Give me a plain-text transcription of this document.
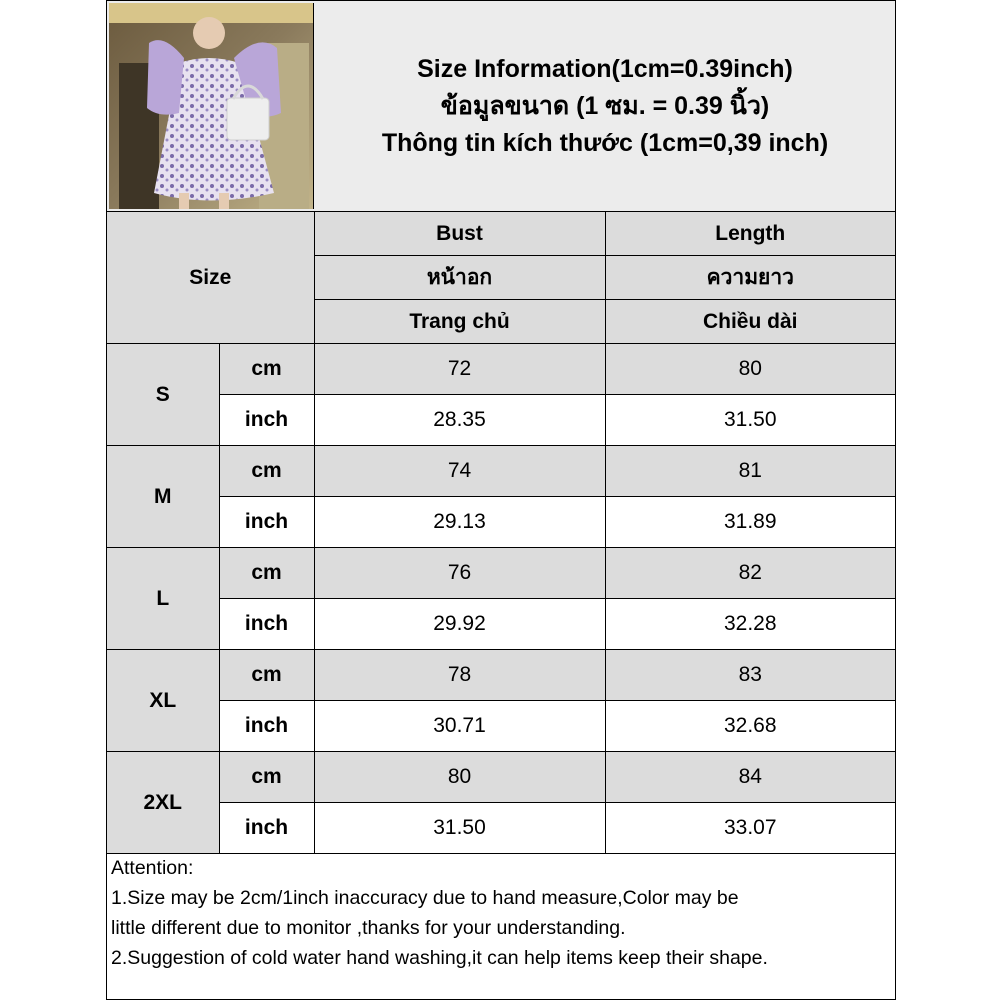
Size Information(1cm=0.39inch)
ข้อมูลขนาด (1 ซม. = 0.39 นิ้ว)
Thông tin kích thước (1cm=0,39 inch)
Size		Bust	Length
		หน้าอก	ความยาว
		Trang chủ	Chiều dài
S	cm	72	80
	inch	28.35	31.50
M	cm	74	81
	inch	29.13	31.89
L	cm	76	82
	inch	29.92	32.28
XL	cm	78	83
	inch	30.71	32.68
2XL	cm	80	84
	inch	31.50	33.07
Attention:
1.Size may be 2cm/1inch inaccuracy due to hand measure,Color may be
little different due to monitor ,thanks for your understanding.
2.Suggestion of cold water hand washing,it can help items keep their shape.
